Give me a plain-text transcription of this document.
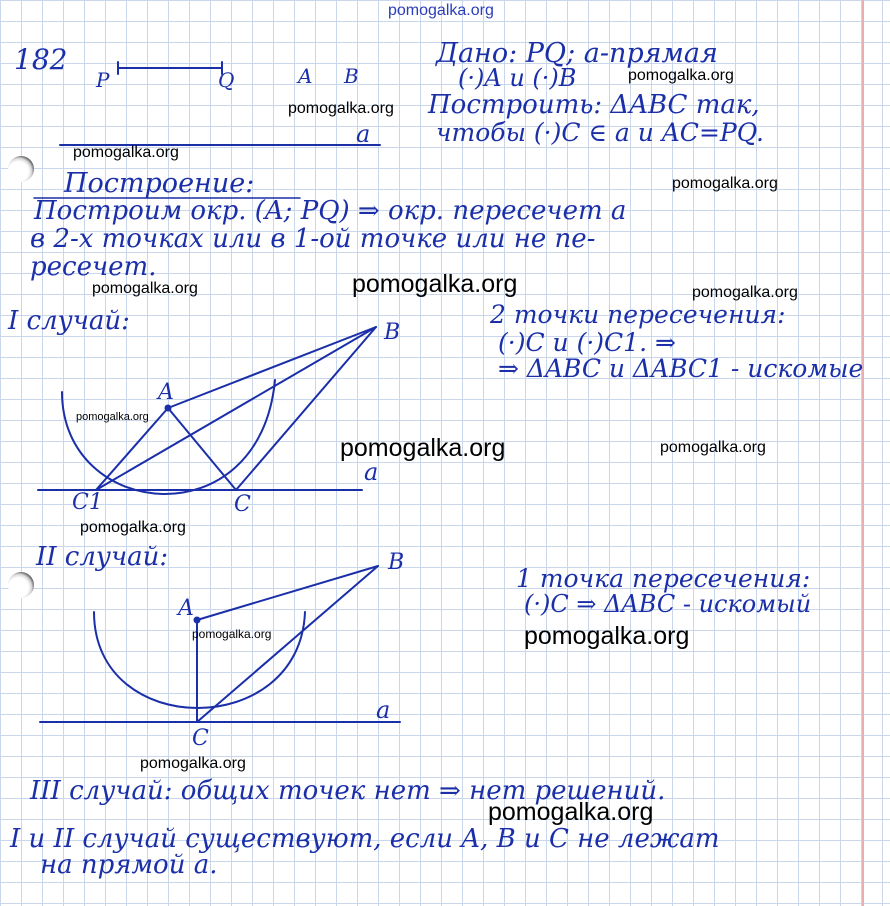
pomogalka.org
182
P	Q	A B
a
Дано: PQ; a-прямая
(·)A и (·)B
Построить: ΔABC так,
чтобы (·)C ∈ a и AC=PQ.
Построение:
Построим окр. (A; PQ) ⇒ окр. пересечет a
в 2-х точках или в 1-ой точке или не пе-
ресечет.
I случай:	2 точки пересечения:
(·)C и (·)C1. ⇒
⇒ ΔABC и ΔABC1 - искомые
B
A
C1	C
a
II случай:
1 точка пересечения:
(·)C ⇒ ΔABC - искомый
B
A
C
a
III случай: общих точек нет ⇒ нет решений.
I и II случай существуют, если A, B и C не лежат
на прямой a.
pomogalka.org
pomogalka.org
pomogalka.org
pomogalka.org
pomogalka.org
pomogalka.org	pomogalka.org
pomogalka.org
pomogalka.org	pomogalka.org
pomogalka.org
pomogalka.org	pomogalka.org
pomogalka.org
pomogalka.org
